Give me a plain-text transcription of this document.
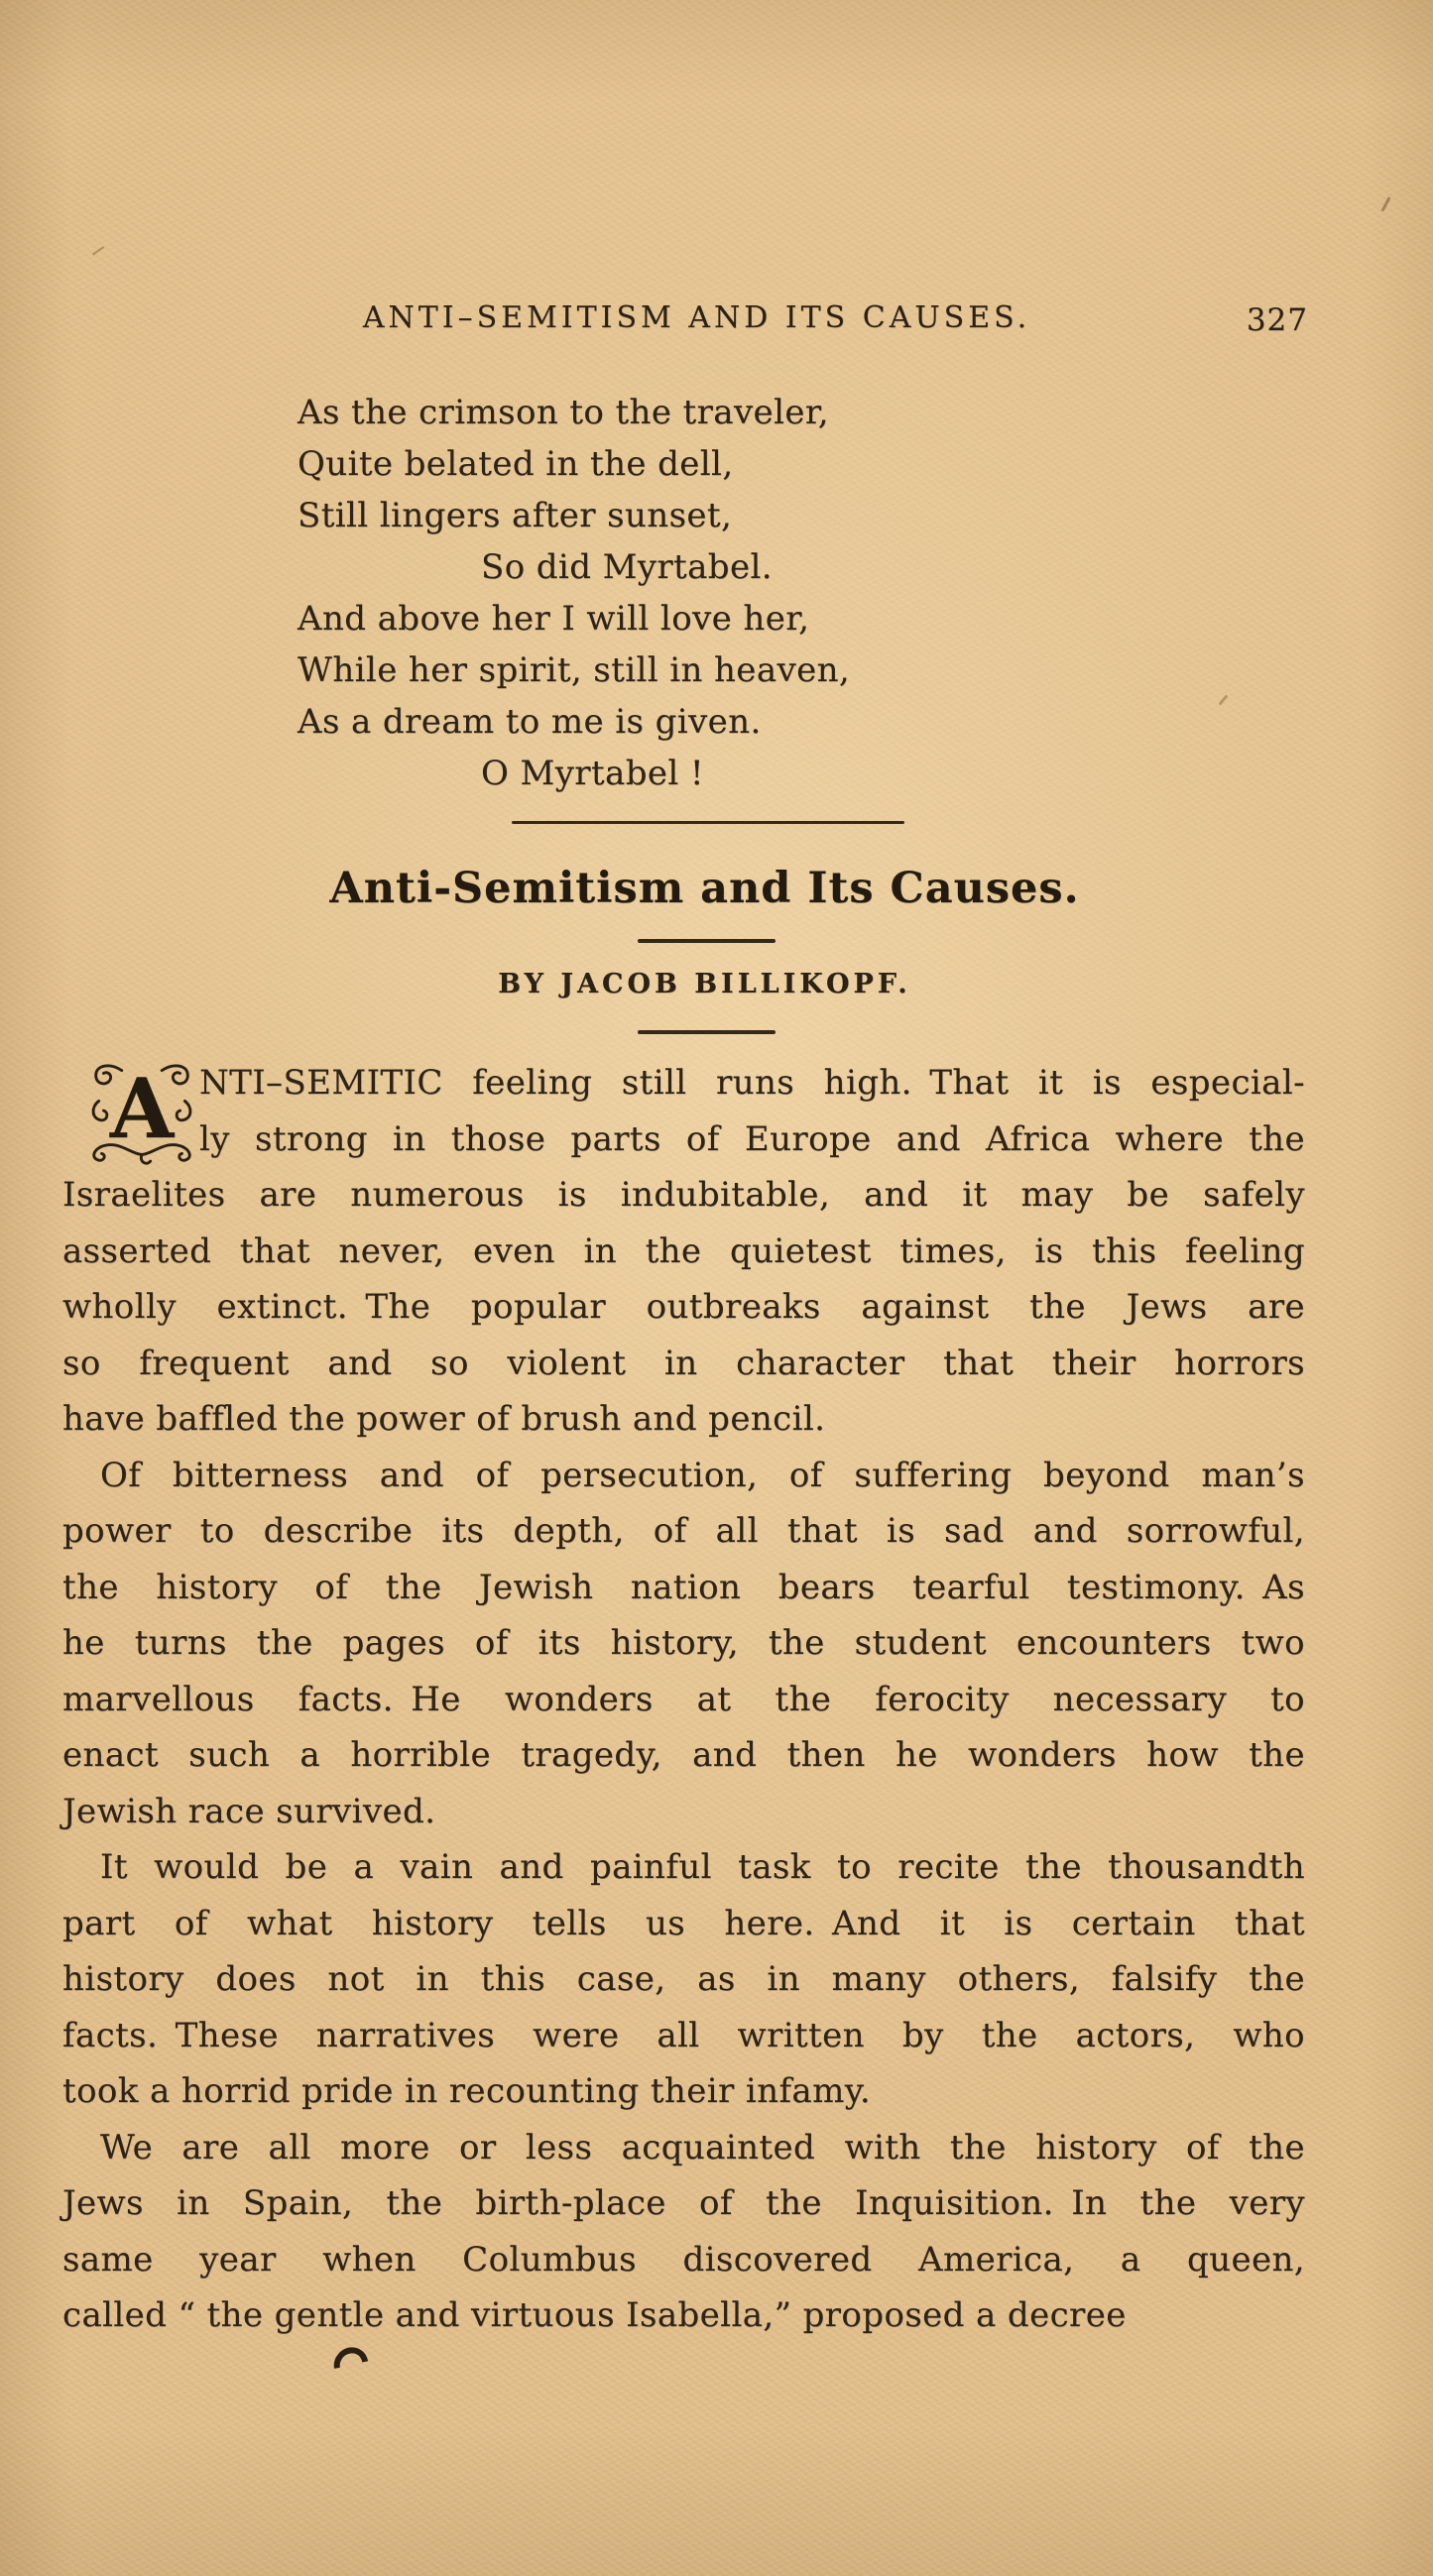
ANTI–SEMITISM AND ITS CAUSES.	327
As the crimson to the traveler,
Quite belated in the dell,
Still lingers after sunset,
So did Myrtabel.
And above her I will love her,
While her spirit, still in heaven,
As a dream to me is given.
O Myrtabel !
Anti-Semitism and Its Causes.
BY JACOB BILLIKOPF.
A NTI–SEMITIC feeling still runs high. That it is especial-
ly strong in those parts of Europe and Africa where the
Israelites are numerous is indubitable, and it may be safely
asserted that never, even in the quietest times, is this feeling
wholly extinct. The popular outbreaks against the Jews are
so frequent and so violent in character that their horrors
have baffled the power of brush and pencil.
Of bitterness and of persecution, of suffering beyond man’s
power to describe its depth, of all that is sad and sorrowful,
the history of the Jewish nation bears tearful testimony. As
he turns the pages of its history, the student encounters two
marvellous facts. He wonders at the ferocity necessary to
enact such a horrible tragedy, and then he wonders how the
Jewish race survived.
It would be a vain and painful task to recite the thousandth
part of what history tells us here. And it is certain that
history does not in this case, as in many others, falsify the
facts. These narratives were all written by the actors, who
took a horrid pride in recounting their infamy.
We are all more or less acquainted with the history of the
Jews in Spain, the birth-place of the Inquisition. In the very
same year when Columbus discovered America, a queen,
called “ the gentle and virtuous Isabella,” proposed a decree
